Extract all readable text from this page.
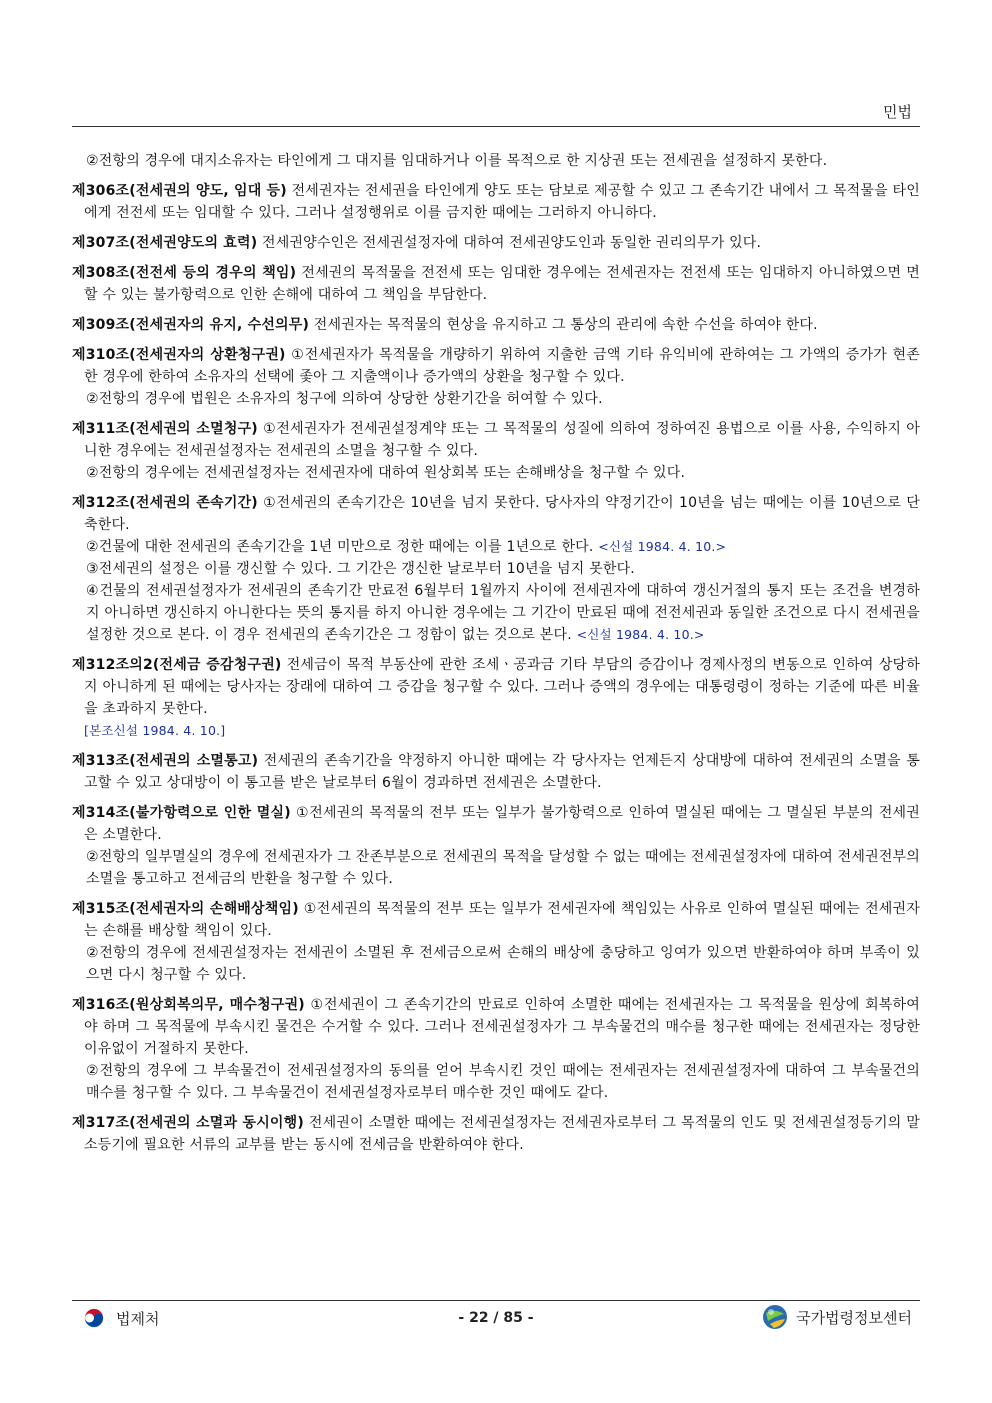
민법

②전항의 경우에 대지소유자는 타인에게 그 대지를 임대하거나 이를 목적으로 한 지상권 또는 전세권을 설정하지 못한다.

제306조(전세권의 양도, 임대 등) 전세권자는 전세권을 타인에게 양도 또는 담보로 제공할 수 있고 그 존속기간 내에서 그 목적물을 타인에게 전전세 또는 임대할 수 있다. 그러나 설정행위로 이를 금지한 때에는 그러하지 아니하다.

제307조(전세권양도의 효력) 전세권양수인은 전세권설정자에 대하여 전세권양도인과 동일한 권리의무가 있다.

제308조(전전세 등의 경우의 책임) 전세권의 목적물을 전전세 또는 임대한 경우에는 전세권자는 전전세 또는 임대하지 아니하였으면 면할 수 있는 불가항력으로 인한 손해에 대하여 그 책임을 부담한다.

제309조(전세권자의 유지, 수선의무) 전세권자는 목적물의 현상을 유지하고 그 통상의 관리에 속한 수선을 하여야 한다.

제310조(전세권자의 상환청구권) ①전세권자가 목적물을 개량하기 위하여 지출한 금액 기타 유익비에 관하여는 그 가액의 증가가 현존한 경우에 한하여 소유자의 선택에 좇아 그 지출액이나 증가액의 상환을 청구할 수 있다.

②전항의 경우에 법원은 소유자의 청구에 의하여 상당한 상환기간을 허여할 수 있다.

제311조(전세권의 소멸청구) ①전세권자가 전세권설정계약 또는 그 목적물의 성질에 의하여 정하여진 용법으로 이를 사용, 수익하지 아니한 경우에는 전세권설정자는 전세권의 소멸을 청구할 수 있다.

②전항의 경우에는 전세권설정자는 전세권자에 대하여 원상회복 또는 손해배상을 청구할 수 있다.

제312조(전세권의 존속기간) ①전세권의 존속기간은 10년을 넘지 못한다. 당사자의 약정기간이 10년을 넘는 때에는 이를 10년으로 단축한다.

②건물에 대한 전세권의 존속기간을 1년 미만으로 정한 때에는 이를 1년으로 한다. <신설 1984. 4. 10.>

③전세권의 설정은 이를 갱신할 수 있다. 그 기간은 갱신한 날로부터 10년을 넘지 못한다.

④건물의 전세권설정자가 전세권의 존속기간 만료전 6월부터 1월까지 사이에 전세권자에 대하여 갱신거절의 통지 또는 조건을 변경하지 아니하면 갱신하지 아니한다는 뜻의 통지를 하지 아니한 경우에는 그 기간이 만료된 때에 전전세권과 동일한 조건으로 다시 전세권을 설정한 것으로 본다. 이 경우 전세권의 존속기간은 그 정함이 없는 것으로 본다. <신설 1984. 4. 10.>

제312조의2(전세금 증감청구권) 전세금이 목적 부동산에 관한 조세ㆍ공과금 기타 부담의 증감이나 경제사정의 변동으로 인하여 상당하지 아니하게 된 때에는 당사자는 장래에 대하여 그 증감을 청구할 수 있다. 그러나 증액의 경우에는 대통령령이 정하는 기준에 따른 비율을 초과하지 못한다.

[본조신설 1984. 4. 10.]

제313조(전세권의 소멸통고) 전세권의 존속기간을 약정하지 아니한 때에는 각 당사자는 언제든지 상대방에 대하여 전세권의 소멸을 통고할 수 있고 상대방이 이 통고를 받은 날로부터 6월이 경과하면 전세권은 소멸한다.

제314조(불가항력으로 인한 멸실) ①전세권의 목적물의 전부 또는 일부가 불가항력으로 인하여 멸실된 때에는 그 멸실된 부분의 전세권은 소멸한다.

②전항의 일부멸실의 경우에 전세권자가 그 잔존부분으로 전세권의 목적을 달성할 수 없는 때에는 전세권설정자에 대하여 전세권전부의 소멸을 통고하고 전세금의 반환을 청구할 수 있다.

제315조(전세권자의 손해배상책임) ①전세권의 목적물의 전부 또는 일부가 전세권자에 책임있는 사유로 인하여 멸실된 때에는 전세권자는 손해를 배상할 책임이 있다.

②전항의 경우에 전세권설정자는 전세권이 소멸된 후 전세금으로써 손해의 배상에 충당하고 잉여가 있으면 반환하여야 하며 부족이 있으면 다시 청구할 수 있다.

제316조(원상회복의무, 매수청구권) ①전세권이 그 존속기간의 만료로 인하여 소멸한 때에는 전세권자는 그 목적물을 원상에 회복하여야 하며 그 목적물에 부속시킨 물건은 수거할 수 있다. 그러나 전세권설정자가 그 부속물건의 매수를 청구한 때에는 전세권자는 정당한 이유없이 거절하지 못한다.

②전항의 경우에 그 부속물건이 전세권설정자의 동의를 얻어 부속시킨 것인 때에는 전세권자는 전세권설정자에 대하여 그 부속물건의 매수를 청구할 수 있다. 그 부속물건이 전세권설정자로부터 매수한 것인 때에도 같다.

제317조(전세권의 소멸과 동시이행) 전세권이 소멸한 때에는 전세권설정자는 전세권자로부터 그 목적물의 인도 및 전세권설정등기의 말소등기에 필요한 서류의 교부를 받는 동시에 전세금을 반환하여야 한다.

법제처	- 22 / 85 -	국가법령정보센터
